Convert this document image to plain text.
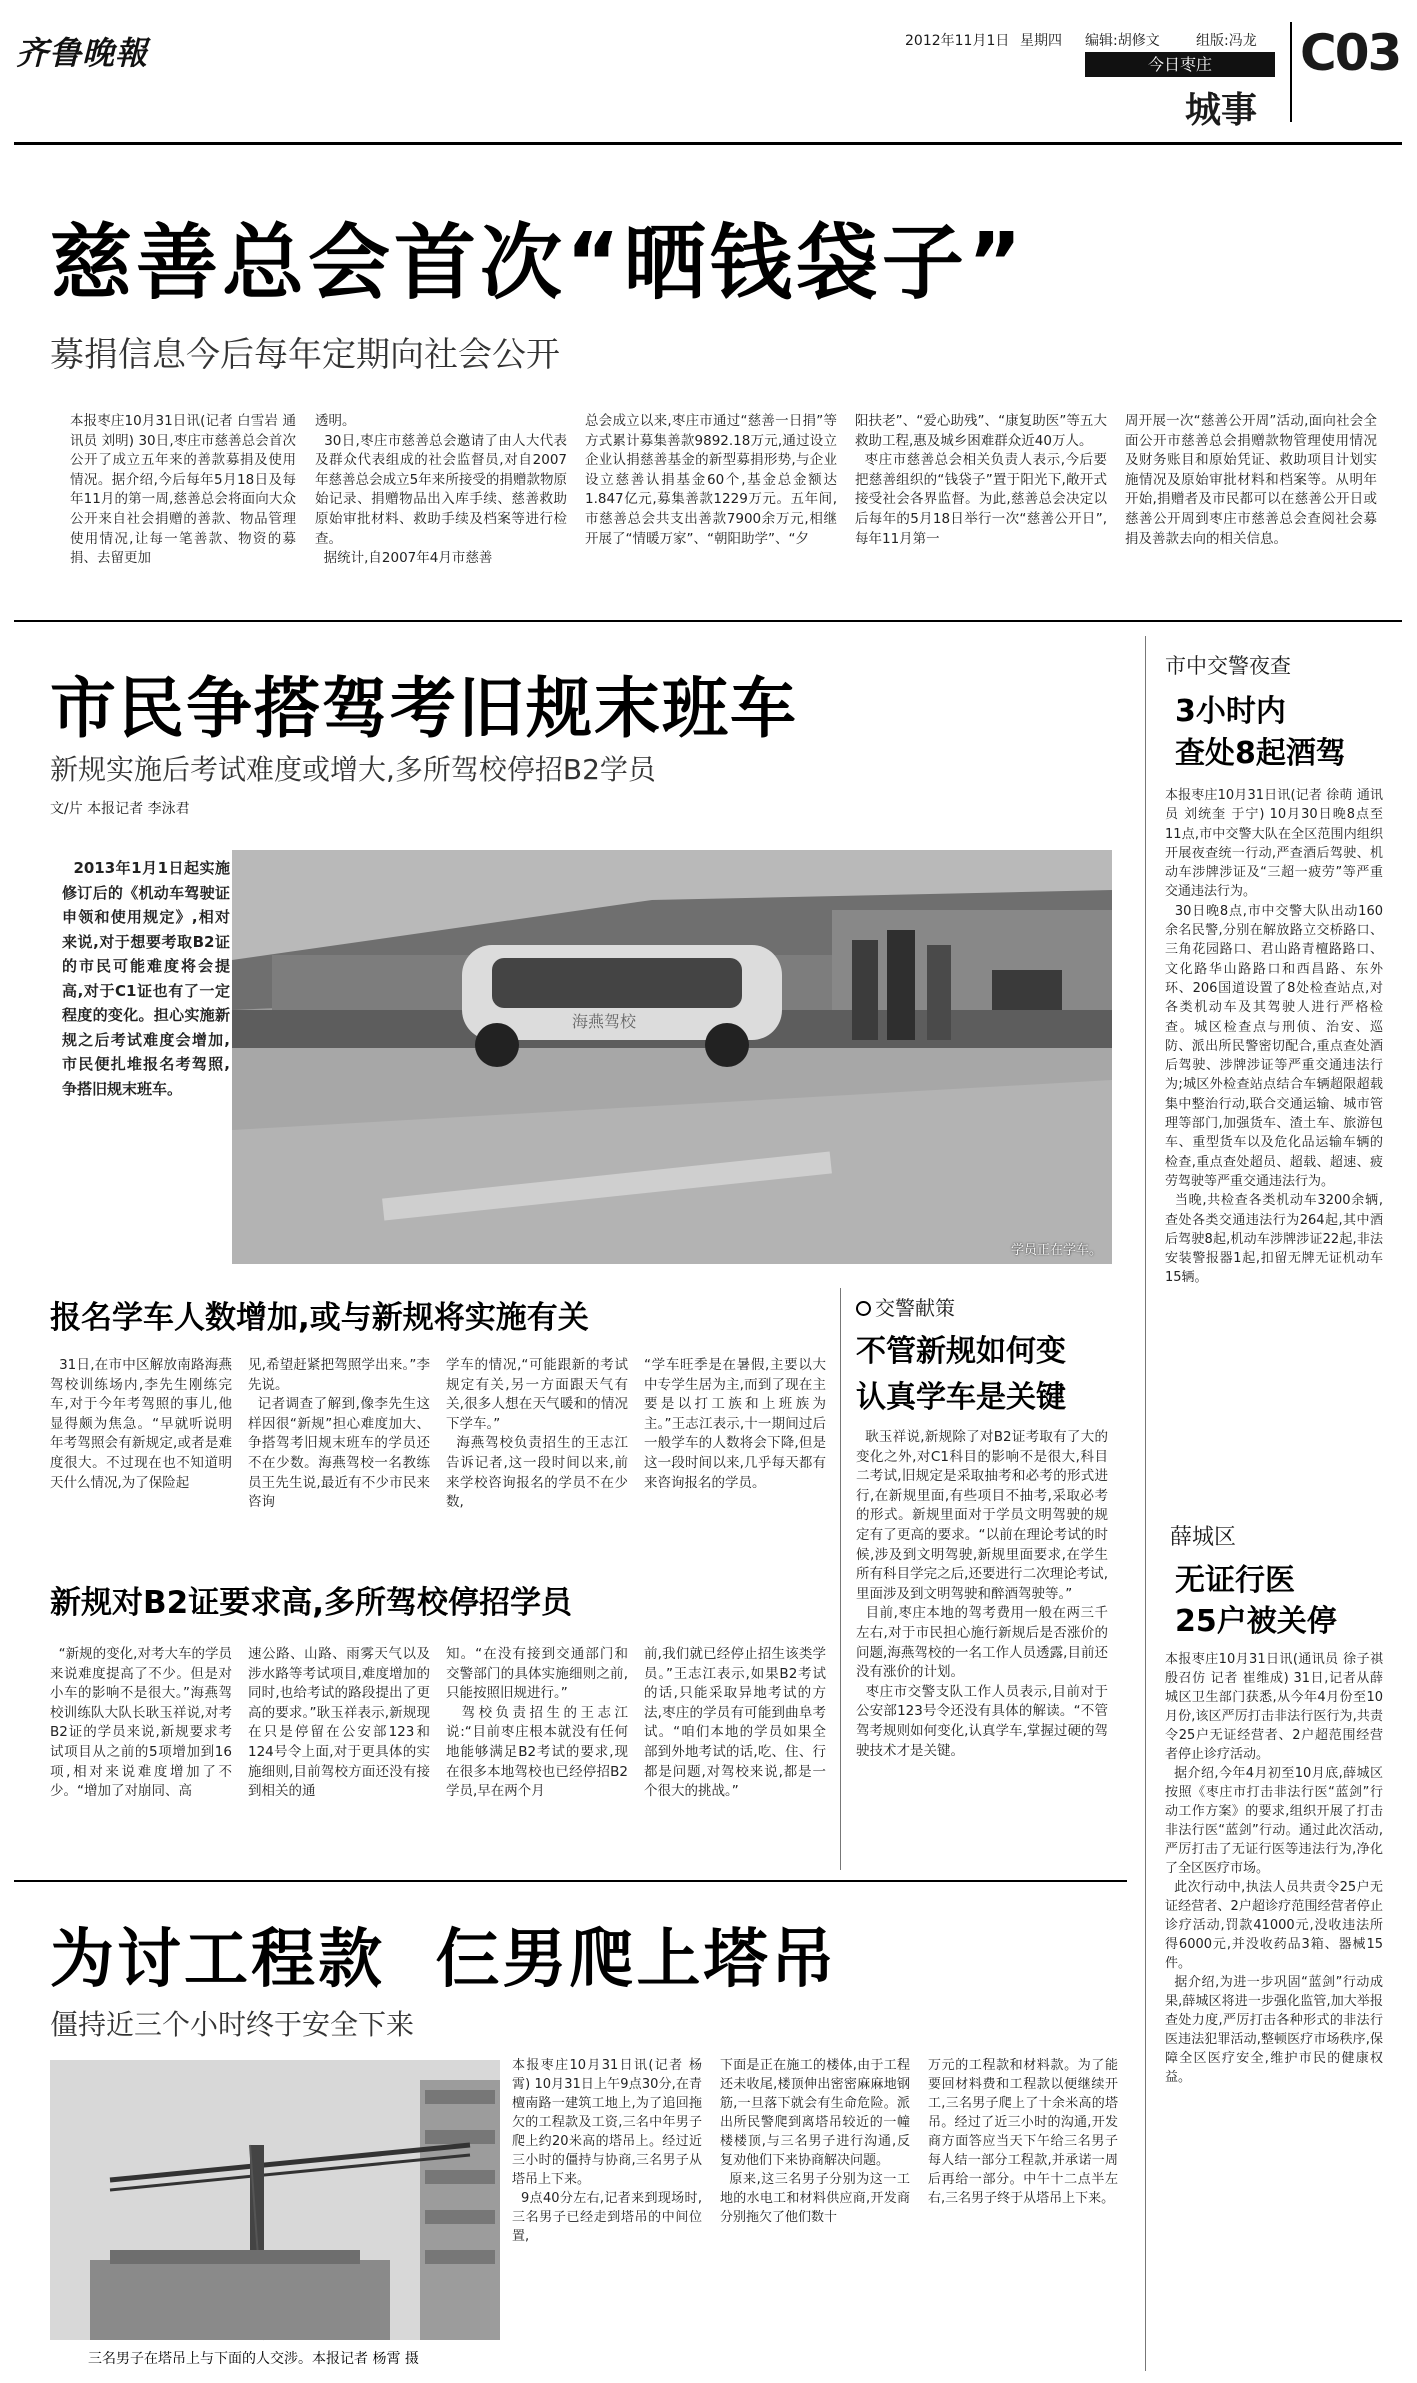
齐鲁晚報	2012年11月1日 星期四 编辑:胡修文	组版:冯龙
今日枣庄
城事
C03
慈善总会首次“晒钱袋子”
募捐信息今后每年定期向社会公开
本报枣庄10月31日讯(记者 白雪岩 通讯员 刘明) 30日,枣庄市慈善总会首次公开了成立五年来的善款募捐及使用情况。据介绍,今后每年5月18日及每年11月的第一周,慈善总会将面向大众公开来自社会捐赠的善款、物品管理使用情况,让每一笔善款、物资的募捐、去留更加
透明。
30日,枣庄市慈善总会邀请了由人大代表及群众代表组成的社会监督员,对自2007年慈善总会成立5年来所接受的捐赠款物原始记录、捐赠物品出入库手续、慈善救助原始审批材料、救助手续及档案等进行检查。
据统计,自2007年4月市慈善
总会成立以来,枣庄市通过“慈善一日捐”等方式累计募集善款9892.18万元,通过设立企业认捐慈善基金的新型募捐形势,与企业设立慈善认捐基金60个,基金总金额达1.847亿元,募集善款1229万元。五年间,市慈善总会共支出善款7900余万元,相继开展了“情暖万家”、“朝阳助学”、“夕
阳扶老”、“爱心助残”、“康复助医”等五大救助工程,惠及城乡困难群众近40万人。
枣庄市慈善总会相关负责人表示,今后要把慈善组织的“钱袋子”置于阳光下,敞开式接受社会各界监督。为此,慈善总会决定以后每年的5月18日举行一次“慈善公开日”,每年11月第一
周开展一次“慈善公开周”活动,面向社会全面公开市慈善总会捐赠款物管理使用情况及财务账目和原始凭证、救助项目计划实施情况及原始审批材料和档案等。从明年开始,捐赠者及市民都可以在慈善公开日或慈善公开周到枣庄市慈善总会查阅社会募捐及善款去向的相关信息。
市民争搭驾考旧规末班车
新规实施后考试难度或增大,多所驾校停招B2学员
文/片 本报记者 李泳君
2013年1月1日起实施修订后的《机动车驾驶证申领和使用规定》,相对来说,对于想要考取B2证的市民可能难度将会提高,对于C1证也有了一定程度的变化。担心实施新规之后考试难度会增加,市民便扎堆报名考驾照,争搭旧规末班车。
海燕驾校
学员正在学车。
报名学车人数增加,或与新规将实施有关
31日,在市中区解放南路海燕驾校训练场内,李先生刚练完车,对于今年考驾照的事儿,他显得颇为焦急。“早就听说明年考驾照会有新规定,或者是难度很大。不过现在也不知道明天什么情况,为了保险起
见,希望赶紧把驾照学出来。”李先说。
记者调查了解到,像李先生这样因很“新规”担心难度加大、争搭驾考旧规末班车的学员还不在少数。海燕驾校一名教练员王先生说,最近有不少市民来咨询
学车的情况,“可能跟新的考试规定有关,另一方面跟天气有关,很多人想在天气暖和的情况下学车。”
海燕驾校负责招生的王志江告诉记者,这一段时间以来,前来学校咨询报名的学员不在少数,
“学车旺季是在暑假,主要以大中专学生居为主,而到了现在主要是以打工族和上班族为主。”王志江表示,十一期间过后一般学车的人数将会下降,但是这一段时间以来,几乎每天都有来咨询报名的学员。
新规对B2证要求高,多所驾校停招学员
“新规的变化,对考大车的学员来说难度提高了不少。但是对小车的影响不是很大。”海燕驾校训练队大队长耿玉祥说,对考B2证的学员来说,新规要求考试项目从之前的5项增加到16项,相对来说难度增加了不少。“增加了对崩同、高
速公路、山路、雨雾天气以及涉水路等考试项目,难度增加的同时,也给考试的路段提出了更高的要求。”耿玉祥表示,新规现在只是停留在公安部123和124号令上面,对于更具体的实施细则,目前驾校方面还没有接到相关的通
知。“在没有接到交通部门和交警部门的具体实施细则之前,只能按照旧规进行。”
驾校负责招生的王志江说:“目前枣庄根本就没有任何地能够满足B2考试的要求,现在很多本地驾校也已经停招B2学员,早在两个月
前,我们就已经停止招生该类学员。”王志江表示,如果B2考试的话,只能采取异地考试的方法,枣庄的学员有可能到曲阜考试。“咱们本地的学员如果全部到外地考试的话,吃、住、行都是问题,对驾校来说,都是一个很大的挑战。”
交警献策
不管新规如何变
认真学车是关键
耿玉祥说,新规除了对B2证考取有了大的变化之外,对C1科目的影响不是很大,科目二考试,旧规定是采取抽考和必考的形式进行,在新规里面,有些项目不抽考,采取必考的形式。新规里面对于学员文明驾驶的规定有了更高的要求。“以前在理论考试的时候,涉及到文明驾驶,新规里面要求,在学生所有科目学完之后,还要进行二次理论考试,里面涉及到文明驾驶和醉酒驾驶等。”
目前,枣庄本地的驾考费用一般在两三千左右,对于市民担心施行新规后是否涨价的问题,海燕驾校的一名工作人员透露,目前还没有涨价的计划。
枣庄市交警支队工作人员表示,目前对于公安部123号令还没有具体的解读。“不管驾考规则如何变化,认真学车,掌握过硬的驾驶技术才是关键。
为讨工程款  仨男爬上塔吊
僵持近三个小时终于安全下来
三名男子在塔吊上与下面的人交涉。本报记者 杨霄 摄
本报枣庄10月31日讯(记者 杨霄) 10月31日上午9点30分,在青檀南路一建筑工地上,为了追回拖欠的工程款及工资,三名中年男子爬上约20米高的塔吊上。经过近三小时的僵持与协商,三名男子从塔吊上下来。
9点40分左右,记者来到现场时,三名男子已经走到塔吊的中间位置,
下面是正在施工的楼体,由于工程还未收尾,楼顶伸出密密麻麻地钢筋,一旦落下就会有生命危险。派出所民警爬到离塔吊较近的一幢楼楼顶,与三名男子进行沟通,反复劝他们下来协商解决问题。
原来,这三名男子分别为这一工地的水电工和材料供应商,开发商分别拖欠了他们数十
万元的工程款和材料款。为了能要回材料费和工程款以便继续开工,三名男子爬上了十余米高的塔吊。经过了近三小时的沟通,开发商方面答应当天下午给三名男子每人结一部分工程款,并承诺一周后再给一部分。中午十二点半左右,三名男子终于从塔吊上下来。
市中交警夜查
3小时内
查处8起酒驾
本报枣庄10月31日讯(记者 徐萌 通讯员 刘统奎 于宁) 10月30日晚8点至11点,市中交警大队在全区范围内组织开展夜查统一行动,严查酒后驾驶、机动车涉牌涉证及“三超一疲劳”等严重交通违法行为。
30日晚8点,市中交警大队出动160余名民警,分别在解放路立交桥路口、三角花园路口、君山路青檀路路口、文化路华山路路口和西昌路、东外环、206国道设置了8处检查站点,对各类机动车及其驾驶人进行严格检查。城区检查点与刑侦、治安、巡防、派出所民警密切配合,重点查处酒后驾驶、涉牌涉证等严重交通违法行为;城区外检查站点结合车辆超限超载集中整治行动,联合交通运输、城市管理等部门,加强货车、渣土车、旅游包车、重型货车以及危化品运输车辆的检查,重点查处超员、超载、超速、疲劳驾驶等严重交通违法行为。
当晚,共检查各类机动车3200余辆,查处各类交通违法行为264起,其中酒后驾驶8起,机动车涉牌涉证22起,非法安装警报器1起,扣留无牌无证机动车15辆。
薛城区
无证行医
25户被关停
本报枣庄10月31日讯(通讯员 徐子祺 殷召仿 记者 崔维成) 31日,记者从薛城区卫生部门获悉,从今年4月份至10月份,该区严厉打击非法行医行为,共责令25户无证经营者、2户超范围经营者停止诊疗活动。
据介绍,今年4月初至10月底,薛城区按照《枣庄市打击非法行医“蓝剑”行动工作方案》的要求,组织开展了打击非法行医“蓝剑”行动。通过此次活动,严厉打击了无证行医等违法行为,净化了全区医疗市场。
此次行动中,执法人员共责令25户无证经营者、2户超诊疗范围经营者停止诊疗活动,罚款41000元,没收违法所得6000元,并没收药品3箱、器械15件。
据介绍,为进一步巩固“蓝剑”行动成果,薛城区将进一步强化监管,加大举报查处力度,严厉打击各种形式的非法行医违法犯罪活动,整顿医疗市场秩序,保障全区医疗安全,维护市民的健康权益。
